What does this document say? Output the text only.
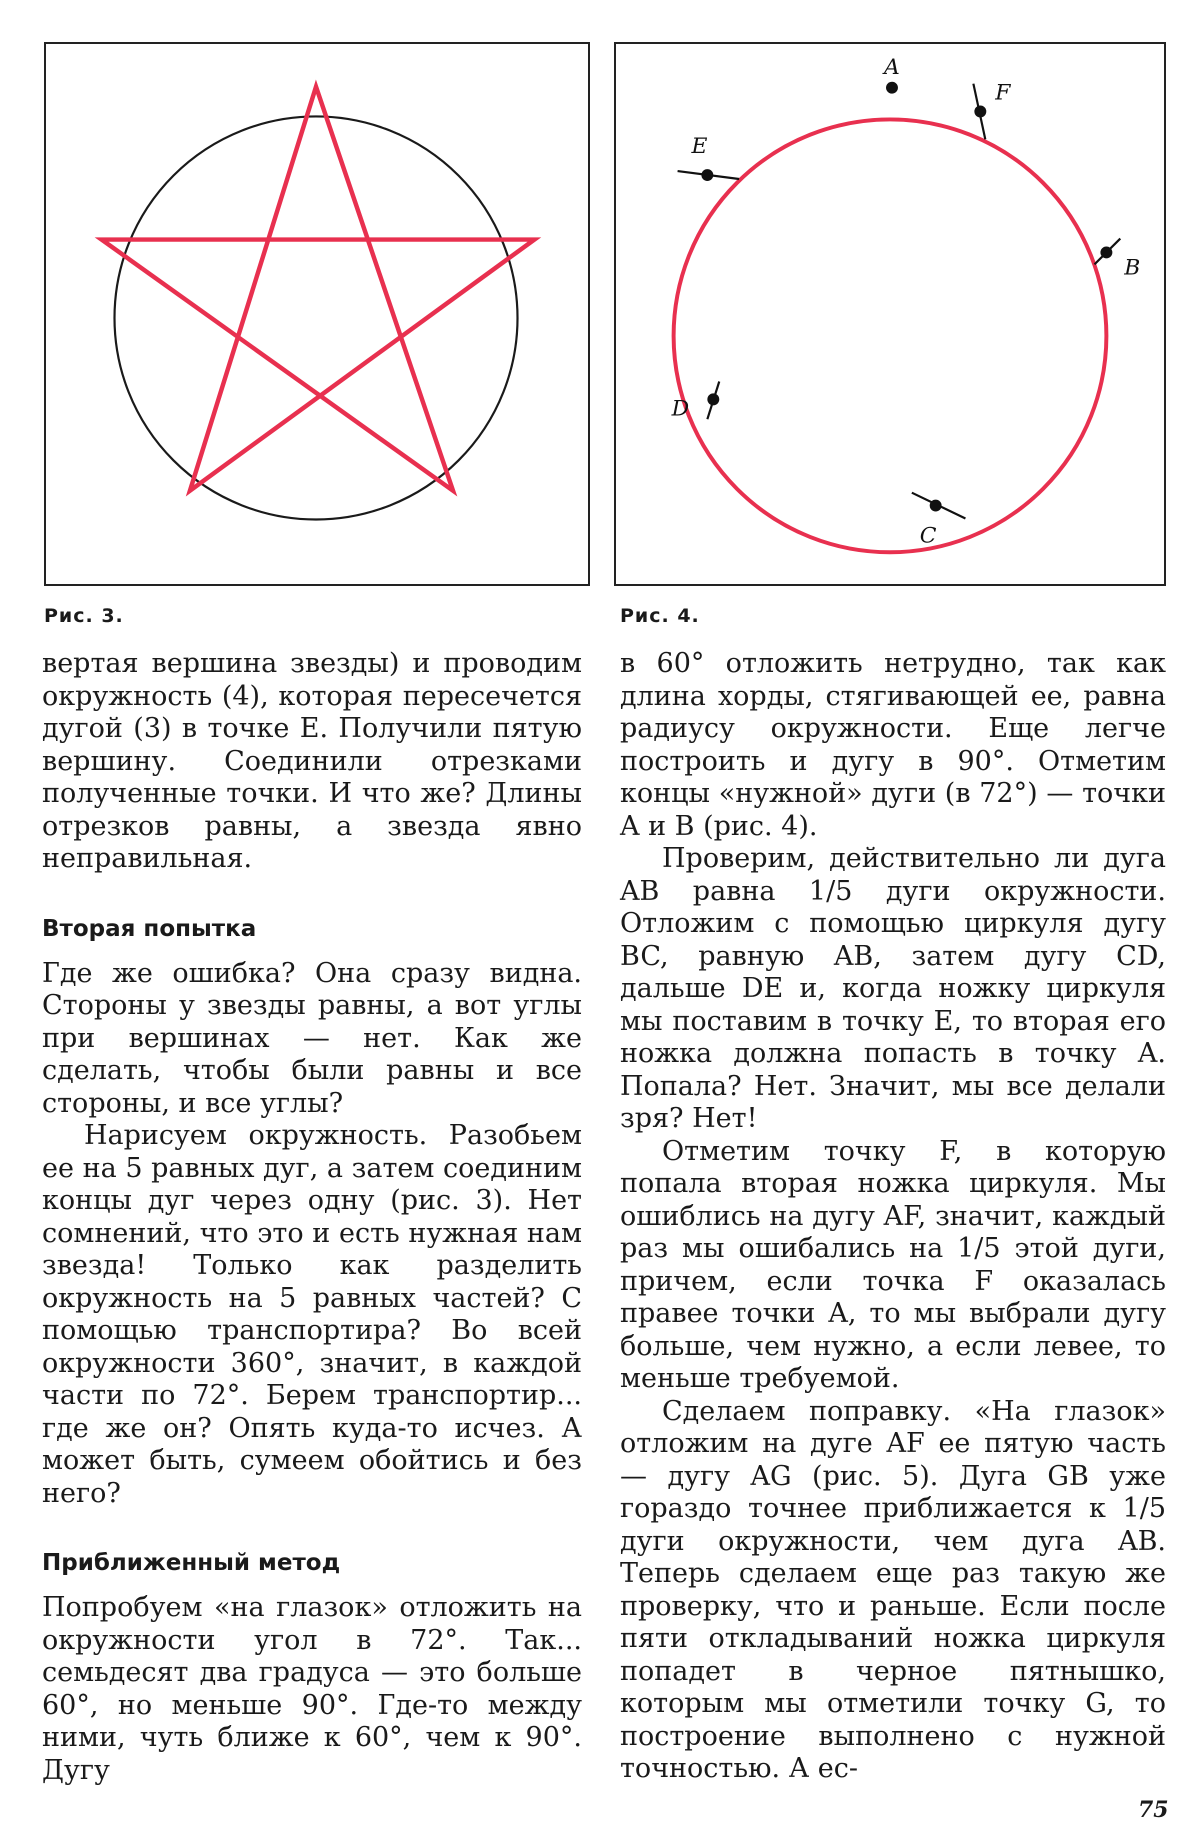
Рис. 3.
A
F
E
B
D
C
Рис. 4.

вертая вершина звезды) и проводим окружность (4), которая пересечется дугой (3) в точке E. Получили пятую вершину. Соединили отрезками полученные точки. И что же? Длины отрезков равны, а звезда явно неправильная.

Вторая попытка

Где же ошибка? Она сразу видна. Стороны у звезды равны, а вот углы при вершинах — нет. Как же сделать, чтобы были равны и все стороны, и все углы?

Нарисуем окружность. Разобьем ее на 5 равных дуг, а затем соединим концы дуг через одну (рис. 3). Нет сомнений, что это и есть нужная нам звезда! Только как разделить окружность на 5 равных частей? С помощью транспортира? Во всей окружности 360°, значит, в каждой части по 72°. Берем транспортир... где же он? Опять куда-то исчез. А может быть, сумеем обойтись и без него?

Приближенный метод

Попробуем «на глазок» отложить на окружности угол в 72°. Так... семьдесят два градуса — это больше 60°, но меньше 90°. Где-то между ними, чуть ближе к 60°, чем к 90°. Дугу

в 60° отложить нетрудно, так как длина хорды, стягивающей ее, равна радиусу окружности. Еще легче построить и дугу в 90°. Отметим концы «нужной» дуги (в 72°) — точки A и B (рис. 4).

Проверим, действительно ли дуга AB равна 1/5 дуги окружности. Отложим с помощью циркуля дугу BC, равную AB, затем дугу CD, дальше DE и, когда ножку циркуля мы поставим в точку E, то вторая его ножка должна попасть в точку A. Попала? Нет. Значит, мы все делали зря? Нет!

Отметим точку F, в которую попала вторая ножка циркуля. Мы ошиблись на дугу AF, значит, каждый раз мы ошибались на 1/5 этой дуги, причем, если точка F оказалась правее точки A, то мы выбрали дугу больше, чем нужно, а если левее, то меньше требуемой.

Сделаем поправку. «На глазок» отложим на дуге AF ее пятую часть — дугу AG (рис. 5). Дуга GB уже гораздо точнее приближается к 1/5 дуги окружности, чем дуга AB. Теперь сделаем еще раз такую же проверку, что и раньше. Если после пяти откладываний ножка циркуля попадет в черное пятнышко, которым мы отметили точку G, то построение выполнено с нужной точностью. А ес-

75
